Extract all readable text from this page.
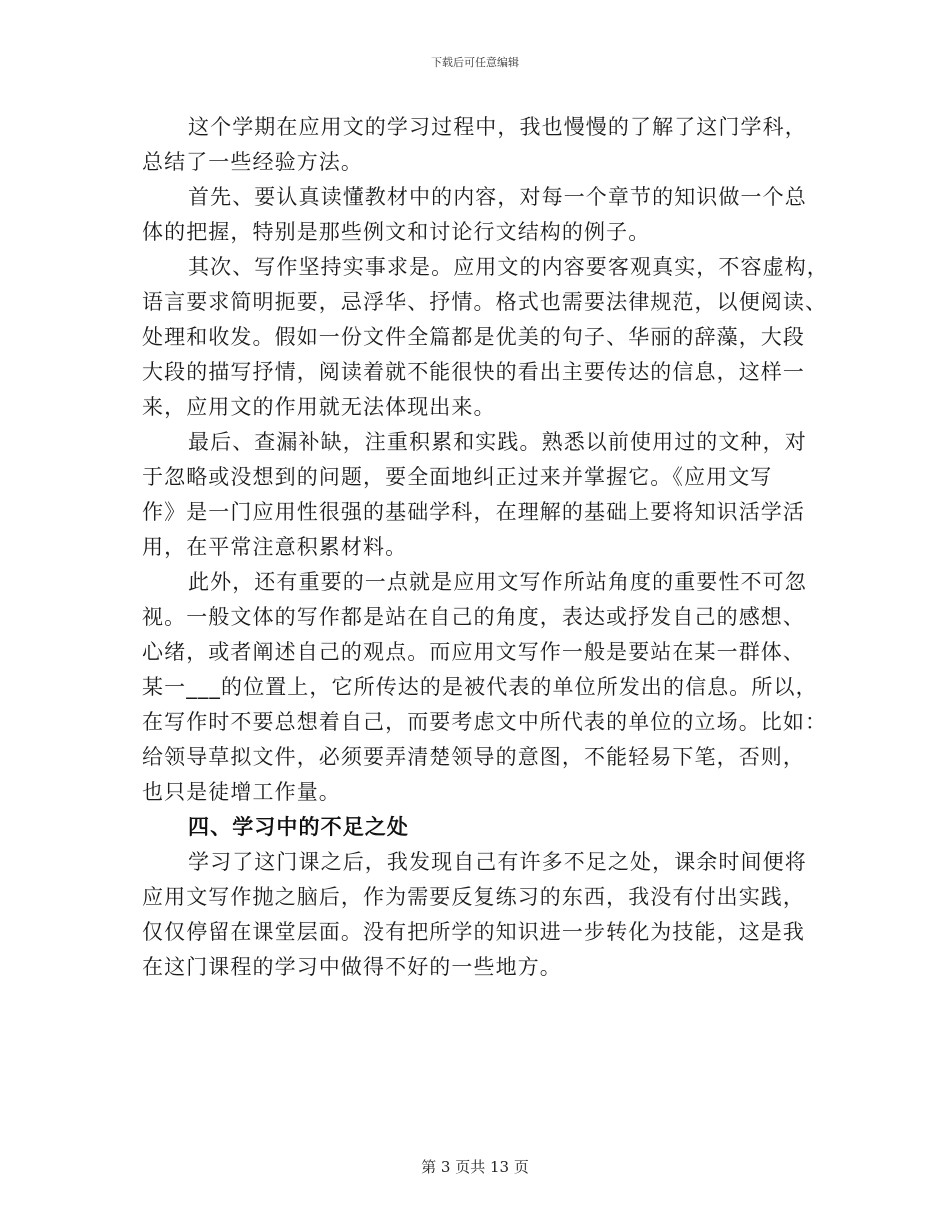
下载后可任意编辑

这个学期在应用文的学习过程中，我也慢慢的了解了这门学科，
总结了一些经验方法。

首先、要认真读懂教材中的内容，对每一个章节的知识做一个总
体的把握，特别是那些例文和讨论行文结构的例子。

其次、写作坚持实事求是。应用文的内容要客观真实，不容虚构，
语言要求简明扼要，忌浮华、抒情。格式也需要法律规范，以便阅读、
处理和收发。假如一份文件全篇都是优美的句子、华丽的辞藻，大段
大段的描写抒情，阅读着就不能很快的看出主要传达的信息，这样一
来，应用文的作用就无法体现出来。

最后、查漏补缺，注重积累和实践。熟悉以前使用过的文种，对
于忽略或没想到的问题，要全面地纠正过来并掌握它。《应用文写
作》是一门应用性很强的基础学科，在理解的基础上要将知识活学活
用，在平常注意积累材料。

此外，还有重要的一点就是应用文写作所站角度的重要性不可忽
视。一般文体的写作都是站在自己的角度，表达或抒发自己的感想、
心绪，或者阐述自己的观点。而应用文写作一般是要站在某一群体、
某一___的位置上，它所传达的是被代表的单位所发出的信息。所以，
在写作时不要总想着自己，而要考虑文中所代表的单位的立场。比如：
给领导草拟文件，必须要弄清楚领导的意图，不能轻易下笔，否则，
也只是徒增工作量。

四、学习中的不足之处

学习了这门课之后，我发现自己有许多不足之处，课余时间便将
应用文写作抛之脑后，作为需要反复练习的东西，我没有付出实践，
仅仅停留在课堂层面。没有把所学的知识进一步转化为技能，这是我
在这门课程的学习中做得不好的一些地方。

第 3 页共 13 页
